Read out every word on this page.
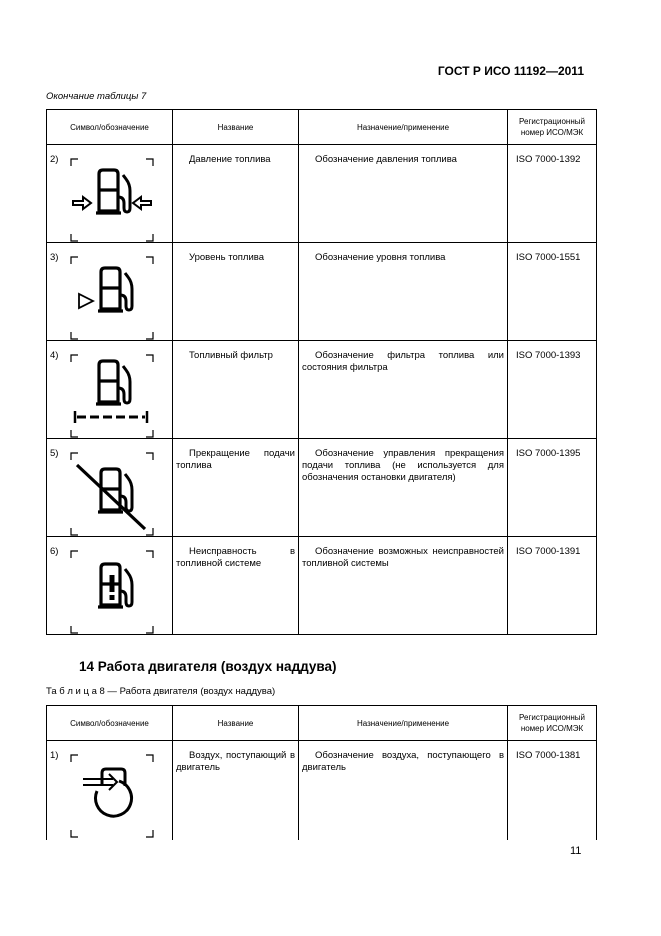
ГОСТ Р ИСО 11192—2011
Окончание таблицы 7
Символ/обозначение	Название	Назначение/применение	Регистрационный номер ИСО/МЭК

2)	Давление топлива	Обозначение давления топлива	ISO 7000-1392

3)	Уровень топлива	Обозначение уровня топлива	ISO 7000-1551

4)	Топливный фильтр	Обозначение фильтра топлива или состояния фильтра	ISO 7000-1393

5)	Прекращение подачи топлива	Обозначение управления прекращения подачи топлива (не используется для обозначения остановки двигателя)	ISO 7000-1395

6)	Неисправность в топливной системе	Обозначение возможных неисправностей топливной системы	ISO 7000-1391
14 Работа двигателя (воздух наддува)
Та б л и ц а 8 — Работа двигателя (воздух наддува)
Символ/обозначение	Название	Назначение/применение	Регистрационный номер ИСО/МЭК

1)	Воздух, поступающий в двигатель	Обозначение воздуха, поступающего в двигатель	ISO 7000-1381
11
